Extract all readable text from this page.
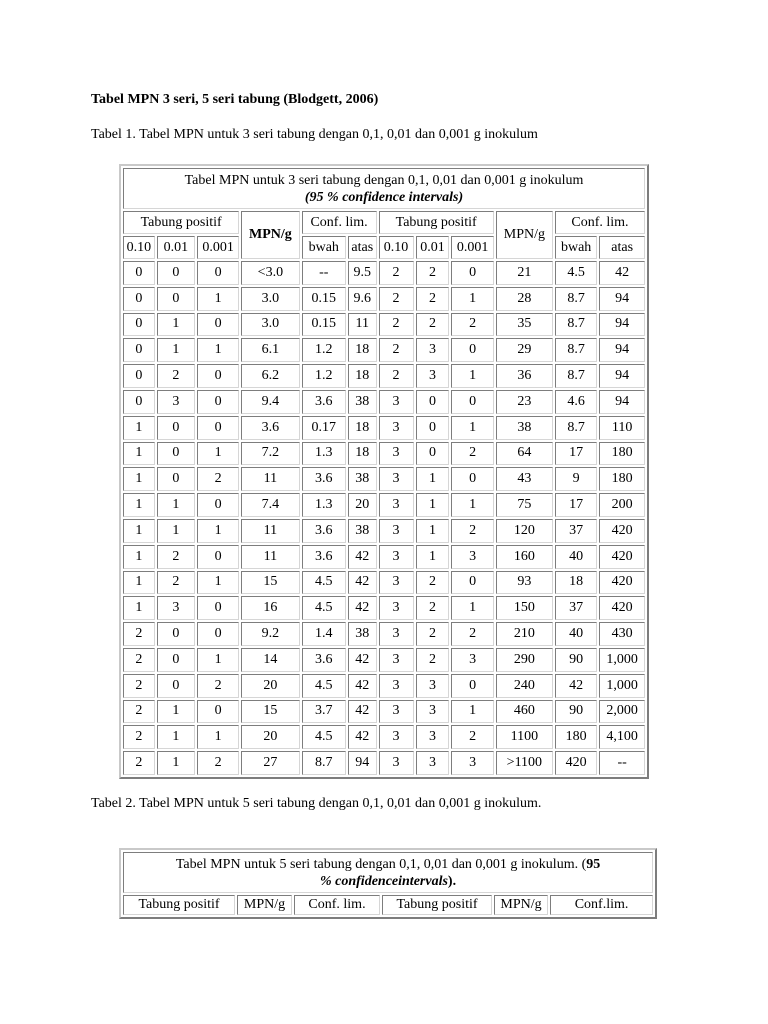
Tabel MPN 3 seri, 5 seri tabung (Blodgett, 2006)
Tabel 1. Tabel MPN untuk 3 seri tabung dengan 0,1, 0,01 dan 0,001 g inokulum
Tabel MPN untuk 3 seri tabung dengan 0,1, 0,01 dan 0,001 g inokulum
(95 % confidence intervals)											
Tabung positif			MPN/g	Conf. lim.		Tabung positif			MPN/g	Conf. lim.	
0.10	0.01	0.001		bwah	atas	0.10	0.01	0.001		bwah	atas
0	0	0	<3.0	--	9.5	2	2	0	21	4.5	42
0	0	1	3.0	0.15	9.6	2	2	1	28	8.7	94
0	1	0	3.0	0.15	11	2	2	2	35	8.7	94
0	1	1	6.1	1.2	18	2	3	0	29	8.7	94
0	2	0	6.2	1.2	18	2	3	1	36	8.7	94
0	3	0	9.4	3.6	38	3	0	0	23	4.6	94
1	0	0	3.6	0.17	18	3	0	1	38	8.7	110
1	0	1	7.2	1.3	18	3	0	2	64	17	180
1	0	2	11	3.6	38	3	1	0	43	9	180
1	1	0	7.4	1.3	20	3	1	1	75	17	200
1	1	1	11	3.6	38	3	1	2	120	37	420
1	2	0	11	3.6	42	3	1	3	160	40	420
1	2	1	15	4.5	42	3	2	0	93	18	420
1	3	0	16	4.5	42	3	2	1	150	37	420
2	0	0	9.2	1.4	38	3	2	2	210	40	430
2	0	1	14	3.6	42	3	2	3	290	90	1,000
2	0	2	20	4.5	42	3	3	0	240	42	1,000
2	1	0	15	3.7	42	3	3	1	460	90	2,000
2	1	1	20	4.5	42	3	3	2	1100	180	4,100
2	1	2	27	8.7	94	3	3	3	>1100	420	--
Tabel 2. Tabel MPN untuk 5 seri tabung dengan 0,1, 0,01 dan 0,001 g inokulum.
Tabel MPN untuk 5 seri tabung dengan 0,1, 0,01 dan 0,001 g inokulum. (95
% confidenceintervals).
Tabung positif	MPN/g	Conf. lim.	Tabung positif	MPN/g	Conf.lim.
